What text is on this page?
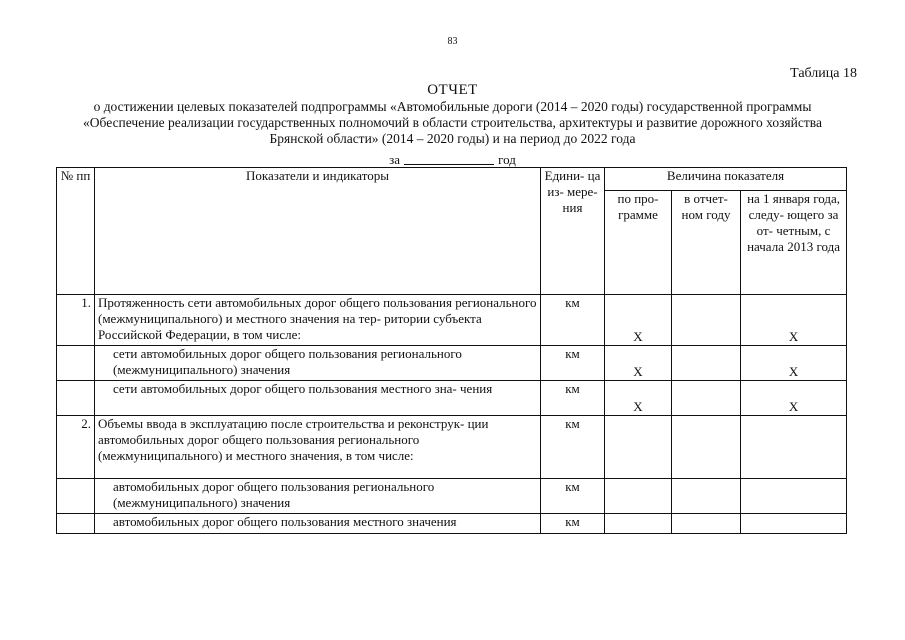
83
Таблица 18
ОТЧЕТ
о достижении целевых показателей подпрограммы «Автомобильные дороги (2014 – 2020 годы) государственной программы «Обеспечение реализации государственных полномочий в области строительства, архитектуры и развитие дорожного хозяйства Брянской области» (2014 – 2020 годы) и на период до 2022 года
за	год
№ пп	Показатели и индикаторы	Едини- ца из- мере- ния	Величина показателя		
			по про- грамме	в отчет- ном году	на 1 января года, следу- ющего за от- четным, с начала 2013 года
1.	Протяженность сети автомобильных дорог общего пользования регионального (межмуниципального) и местного значения на тер- ритории субъекта Российской Федерации, в том числе:	км	Х		Х
	сети автомобильных дорог общего пользования регионального (межмуниципального) значения	км	Х		Х
	сети автомобильных дорог общего пользования местного зна- чения	км	Х		Х
2.	Объемы ввода в эксплуатацию после строительства и реконструк- ции автомобильных дорог общего пользования регионального (межмуниципального) и местного значения, в том числе:	км			
	автомобильных дорог общего пользования регионального (межмуниципального) значения	км			
	автомобильных дорог общего пользования местного значения	км			
